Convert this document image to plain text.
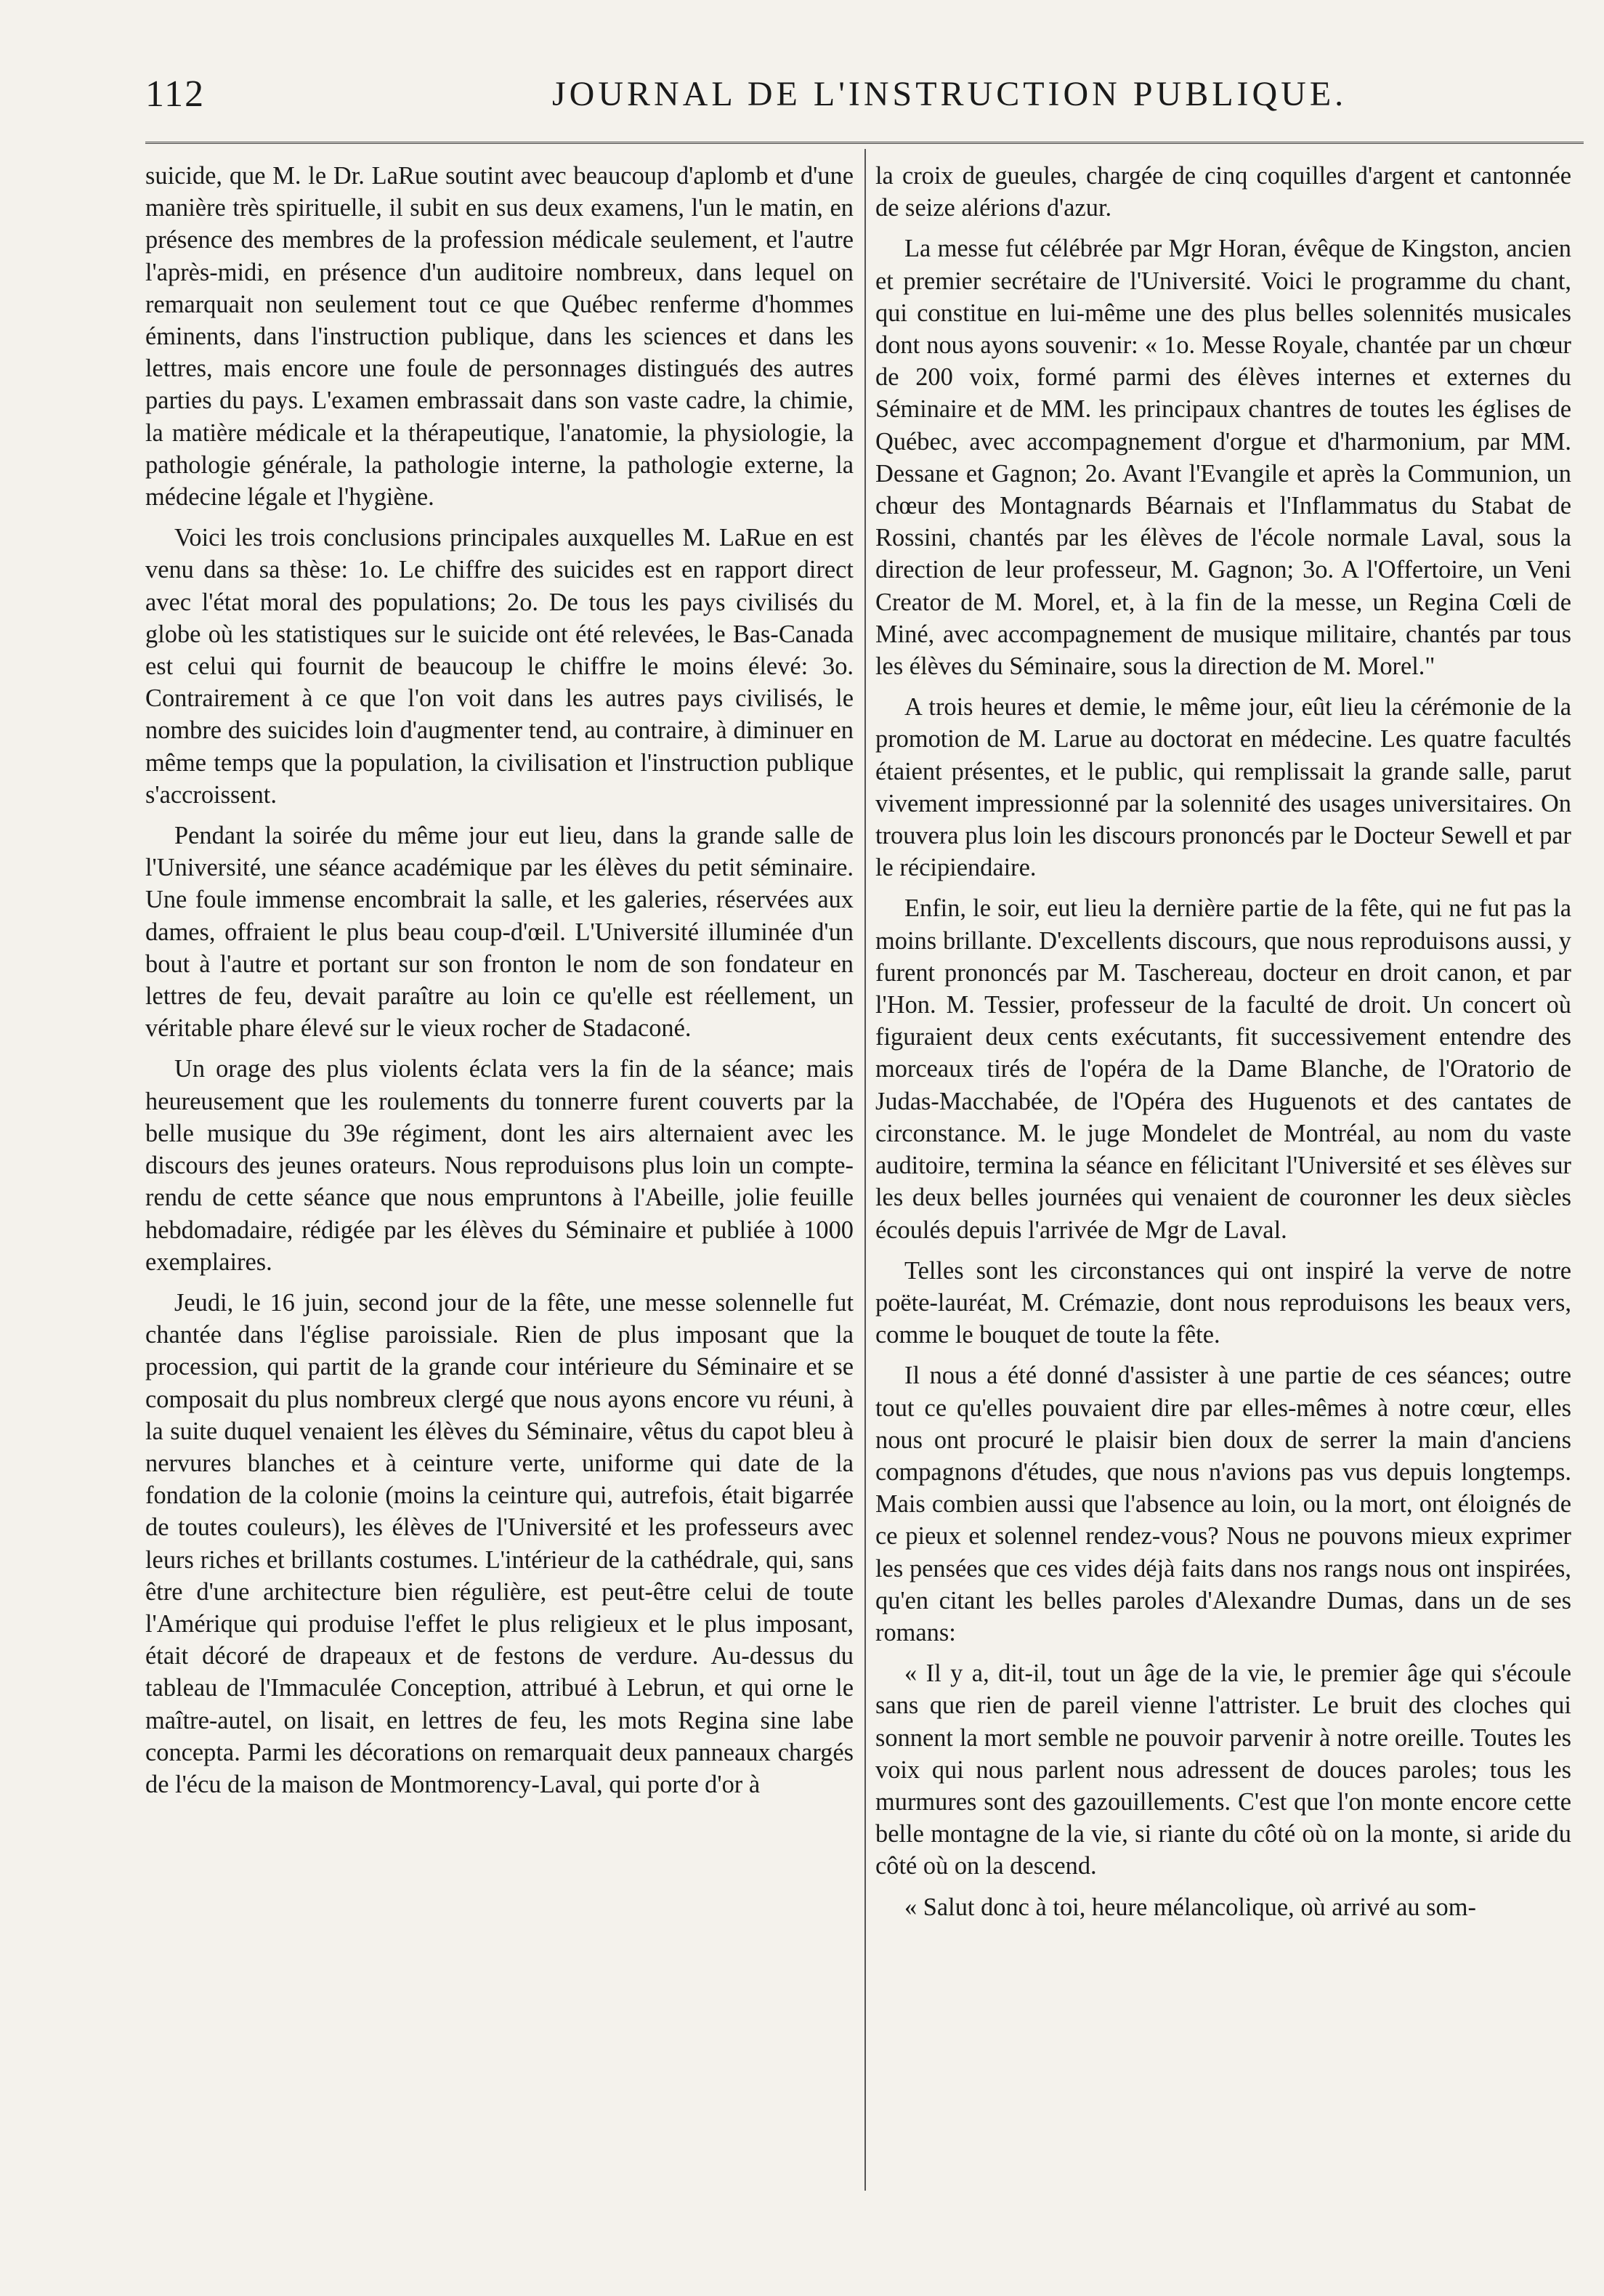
112	JOURNAL DE L'INSTRUCTION PUBLIQUE.

suicide, que M. le Dr. LaRue soutint avec beaucoup d'aplomb et d'une manière très spirituelle, il subit en sus deux examens, l'un le matin, en présence des membres de la profession médicale seulement, et l'autre l'après-midi, en présence d'un auditoire nombreux, dans lequel on remarquait non seulement tout ce que Québec renferme d'hommes éminents, dans l'instruction publique, dans les sciences et dans les lettres, mais encore une foule de personnages distingués des autres parties du pays. L'examen embrassait dans son vaste cadre, la chimie, la matière médicale et la thérapeutique, l'anatomie, la physiologie, la pathologie générale, la pathologie interne, la pathologie externe, la médecine légale et l'hygiène.

Voici les trois conclusions principales auxquelles M. LaRue en est venu dans sa thèse: 1o. Le chiffre des suicides est en rapport direct avec l'état moral des populations; 2o. De tous les pays civilisés du globe où les statistiques sur le suicide ont été relevées, le Bas-Canada est celui qui fournit de beaucoup le chiffre le moins élevé: 3o. Contrairement à ce que l'on voit dans les autres pays civilisés, le nombre des suicides loin d'augmenter tend, au contraire, à diminuer en même temps que la population, la civilisation et l'instruction publique s'accroissent.

Pendant la soirée du même jour eut lieu, dans la grande salle de l'Université, une séance académique par les élèves du petit séminaire. Une foule immense encombrait la salle, et les galeries, réservées aux dames, offraient le plus beau coup-d'œil. L'Université illuminée d'un bout à l'autre et portant sur son fronton le nom de son fondateur en lettres de feu, devait paraître au loin ce qu'elle est réellement, un véritable phare élevé sur le vieux rocher de Stadaconé.

Un orage des plus violents éclata vers la fin de la séance; mais heureusement que les roulements du tonnerre furent couverts par la belle musique du 39e régiment, dont les airs alternaient avec les discours des jeunes orateurs. Nous reproduisons plus loin un compte-rendu de cette séance que nous empruntons à l'Abeille, jolie feuille hebdomadaire, rédigée par les élèves du Séminaire et publiée à 1000 exemplaires.

Jeudi, le 16 juin, second jour de la fête, une messe solennelle fut chantée dans l'église paroissiale. Rien de plus imposant que la procession, qui partit de la grande cour intérieure du Séminaire et se composait du plus nombreux clergé que nous ayons encore vu réuni, à la suite duquel venaient les élèves du Séminaire, vêtus du capot bleu à nervures blanches et à ceinture verte, uniforme qui date de la fondation de la colonie (moins la ceinture qui, autrefois, était bigarrée de toutes couleurs), les élèves de l'Université et les professeurs avec leurs riches et brillants costumes. L'intérieur de la cathédrale, qui, sans être d'une architecture bien régulière, est peut-être celui de toute l'Amérique qui produise l'effet le plus religieux et le plus imposant, était décoré de drapeaux et de festons de verdure. Au-dessus du tableau de l'Immaculée Conception, attribué à Lebrun, et qui orne le maître-autel, on lisait, en lettres de feu, les mots Regina sine labe concepta. Parmi les décorations on remarquait deux panneaux chargés de l'écu de la maison de Montmorency-Laval, qui porte d'or à

la croix de gueules, chargée de cinq coquilles d'argent et cantonnée de seize alérions d'azur.

La messe fut célébrée par Mgr Horan, évêque de Kingston, ancien et premier secrétaire de l'Université. Voici le programme du chant, qui constitue en lui-même une des plus belles solennités musicales dont nous ayons souvenir: « 1o. Messe Royale, chantée par un chœur de 200 voix, formé parmi des élèves internes et externes du Séminaire et de MM. les principaux chantres de toutes les églises de Québec, avec accompagnement d'orgue et d'harmonium, par MM. Dessane et Gagnon; 2o. Avant l'Evangile et après la Communion, un chœur des Montagnards Béarnais et l'Inflammatus du Stabat de Rossini, chantés par les élèves de l'école normale Laval, sous la direction de leur professeur, M. Gagnon; 3o. A l'Offertoire, un Veni Creator de M. Morel, et, à la fin de la messe, un Regina Cœli de Miné, avec accompagnement de musique militaire, chantés par tous les élèves du Séminaire, sous la direction de M. Morel."

A trois heures et demie, le même jour, eût lieu la cérémonie de la promotion de M. Larue au doctorat en médecine. Les quatre facultés étaient présentes, et le public, qui remplissait la grande salle, parut vivement impressionné par la solennité des usages universitaires. On trouvera plus loin les discours prononcés par le Docteur Sewell et par le récipiendaire.

Enfin, le soir, eut lieu la dernière partie de la fête, qui ne fut pas la moins brillante. D'excellents discours, que nous reproduisons aussi, y furent prononcés par M. Taschereau, docteur en droit canon, et par l'Hon. M. Tessier, professeur de la faculté de droit. Un concert où figuraient deux cents exécutants, fit successivement entendre des morceaux tirés de l'opéra de la Dame Blanche, de l'Oratorio de Judas-Macchabée, de l'Opéra des Huguenots et des cantates de circonstance. M. le juge Mondelet de Montréal, au nom du vaste auditoire, termina la séance en félicitant l'Université et ses élèves sur les deux belles journées qui venaient de couronner les deux siècles écoulés depuis l'arrivée de Mgr de Laval.

Telles sont les circonstances qui ont inspiré la verve de notre poëte-lauréat, M. Crémazie, dont nous reproduisons les beaux vers, comme le bouquet de toute la fête.

Il nous a été donné d'assister à une partie de ces séances; outre tout ce qu'elles pouvaient dire par elles-mêmes à notre cœur, elles nous ont procuré le plaisir bien doux de serrer la main d'anciens compagnons d'études, que nous n'avions pas vus depuis longtemps. Mais combien aussi que l'absence au loin, ou la mort, ont éloignés de ce pieux et solennel rendez-vous? Nous ne pouvons mieux exprimer les pensées que ces vides déjà faits dans nos rangs nous ont inspirées, qu'en citant les belles paroles d'Alexandre Dumas, dans un de ses romans:

« Il y a, dit-il, tout un âge de la vie, le premier âge qui s'écoule sans que rien de pareil vienne l'attrister. Le bruit des cloches qui sonnent la mort semble ne pouvoir parvenir à notre oreille. Toutes les voix qui nous parlent nous adressent de douces paroles; tous les murmures sont des gazouillements. C'est que l'on monte encore cette belle montagne de la vie, si riante du côté où on la monte, si aride du côté où on la descend.

« Salut donc à toi, heure mélancolique, où arrivé au som-
